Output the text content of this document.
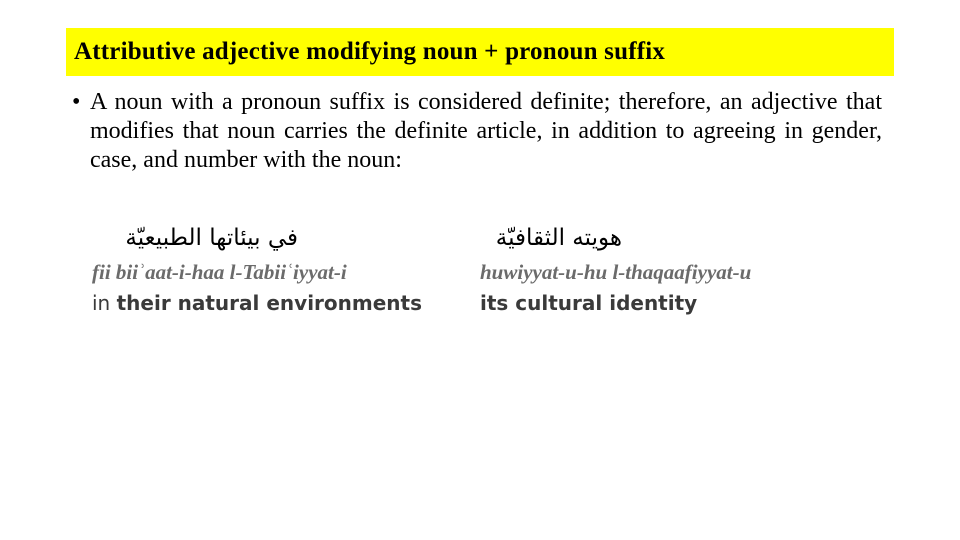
Attributive adjective modifying noun + pronoun suffix
• A noun with a pronoun suffix is considered definite; therefore, an adjective that modifies that noun carries the definite article, in addition to agreeing in gender, case, and number with the noun:
في بيئاتها الطبيعيّة
fii biiʾaat-i-haa l-Tabiiʿiyyat-i
in their natural environments
هويته الثقافيّة
huwiyyat-u-hu l-thaqaafiyyat-u
its cultural identity
